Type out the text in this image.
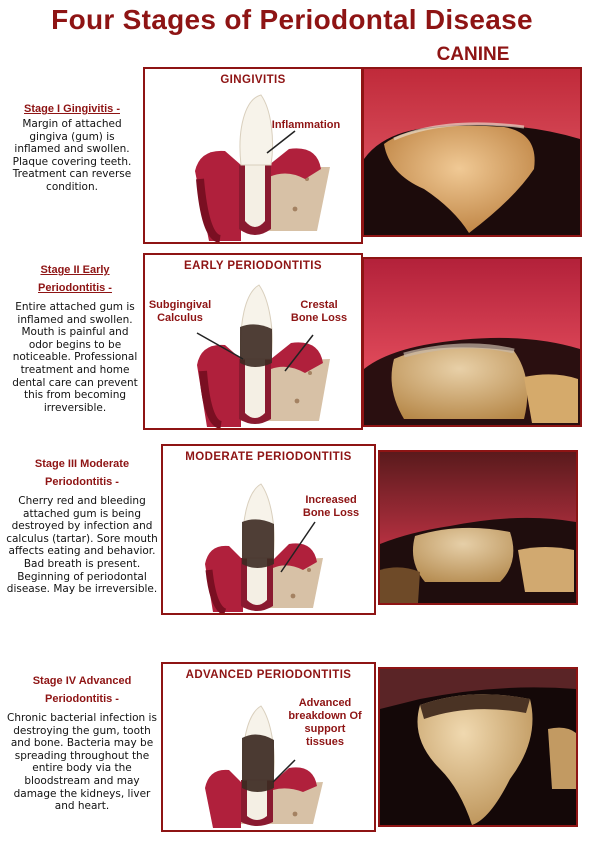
Four Stages of Periodontal Disease
CANINE
Stage I Gingivitis -
Margin of attached gingiva (gum) is inflamed and swollen. Plaque covering teeth. Treatment can reverse condition.
GINGIVITIS
Inflammation
Stage II Early Periodontitis -
Entire attached gum is inflamed and swollen. Mouth is painful and odor begins to be noticeable. Professional treatment and home dental care can prevent this from becoming irreversible.
EARLY PERIODONTITIS
Subgingival Calculus
Crestal Bone Loss
Stage III Moderate Periodontitis -
Cherry red and bleeding attached gum is being destroyed by infection and calculus (tartar). Sore mouth affects eating and behavior. Bad breath is present. Beginning of periodontal disease. May be irreversible.
MODERATE PERIODONTITIS
Increased Bone Loss
Stage IV Advanced Periodontitis -
Chronic bacterial infection is destroying the gum, tooth and bone. Bacteria may be spreading throughout the entire body via the bloodstream and may damage the kidneys, liver and heart.
ADVANCED PERIODONTITIS
Advanced breakdown Of support tissues
